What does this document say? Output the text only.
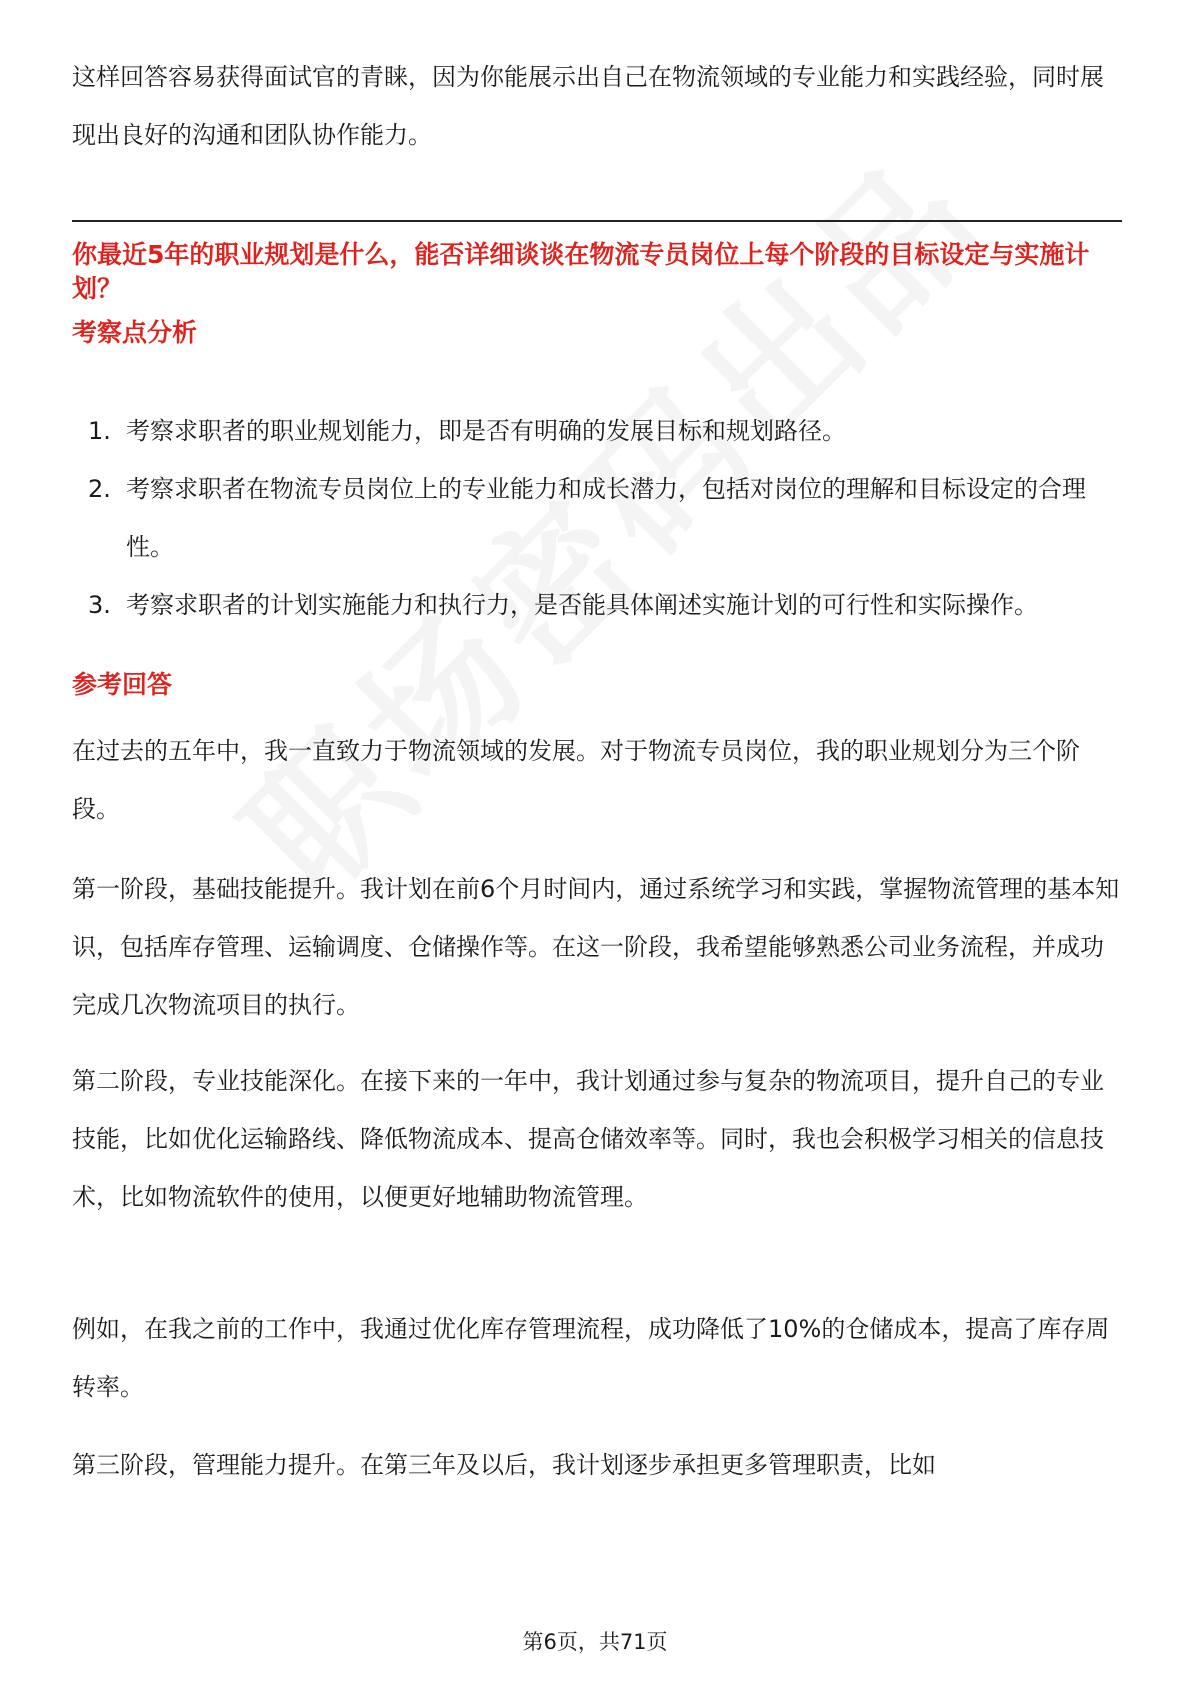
这样回答容易获得面试官的青睐，因为你能展示出自己在物流领域的专业能力和实践经验，同时展现出良好的沟通和团队协作能力。

你最近5年的职业规划是什么，能否详细谈谈在物流专员岗位上每个阶段的目标设定与实施计划？

考察点分析

1. 考察求职者的职业规划能力，即是否有明确的发展目标和规划路径。
2. 考察求职者在物流专员岗位上的专业能力和成长潜力，包括对岗位的理解和目标设定的合理性。
3. 考察求职者的计划实施能力和执行力，是否能具体阐述实施计划的可行性和实际操作。

参考回答

在过去的五年中，我一直致力于物流领域的发展。对于物流专员岗位，我的职业规划分为三个阶段。

第一阶段，基础技能提升。我计划在前6个月时间内，通过系统学习和实践，掌握物流管理的基本知识，包括库存管理、运输调度、仓储操作等。在这一阶段，我希望能够熟悉公司业务流程，并成功完成几次物流项目的执行。

第二阶段，专业技能深化。在接下来的一年中，我计划通过参与复杂的物流项目，提升自己的专业技能，比如优化运输路线、降低物流成本、提高仓储效率等。同时，我也会积极学习相关的信息技术，比如物流软件的使用，以便更好地辅助物流管理。

例如，在我之前的工作中，我通过优化库存管理流程，成功降低了10%的仓储成本，提高了库存周转率。

第三阶段，管理能力提升。在第三年及以后，我计划逐步承担更多管理职责，比如

第6页，共71页
